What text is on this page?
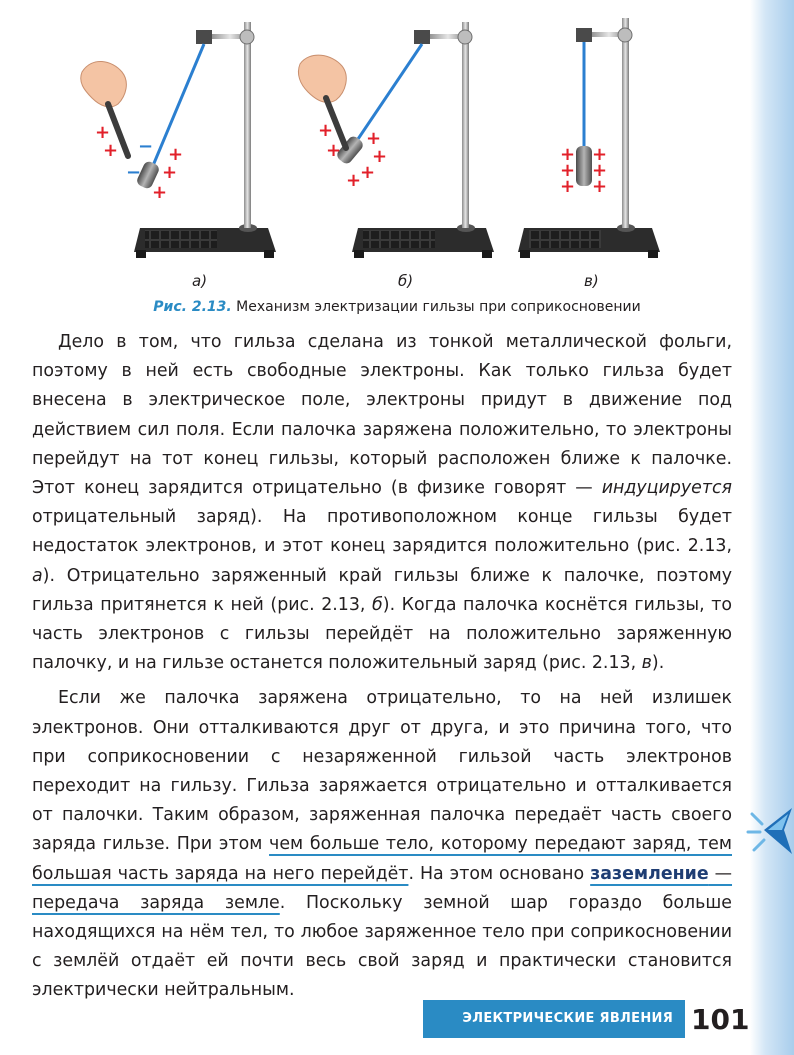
+
+ −
−
+
+
+
+
+
+
+
+
+
+ +
+ +
+ +
а)	б)	в)
Рис. 2.13. Механизм электризации гильзы при соприкосновении

Дело в том, что гильза сделана из тонкой металлической фольги, поэтому в ней есть свободные электроны. Как только гильза будет внесена в электрическое поле, электроны придут в движение под действием сил поля. Если палочка заряжена положительно, то электроны перейдут на тот конец гильзы, который расположен ближе к палочке. Этот конец зарядится отрицательно (в физике говорят — индуцируется отрицательный заряд). На противоположном конце гильзы будет недостаток электронов, и этот конец зарядится положительно (рис. 2.13, а). Отрицательно заряженный край гильзы ближе к палочке, поэтому гильза притянется к ней (рис. 2.13, б). Когда палочка коснётся гильзы, то часть электронов с гильзы перейдёт на положительно заряженную палочку, и на гильзе останется положительный заряд (рис. 2.13, в).

Если же палочка заряжена отрицательно, то на ней излишек электронов. Они отталкиваются друг от друга, и это причина того, что при соприкосновении с незаряженной гильзой часть электронов переходит на гильзу. Гильза заряжается отрицательно и отталкивается от палочки. Таким образом, заряженная палочка передаёт часть своего заряда гильзе. При этом чем больше тело, которому передают заряд, тем большая часть заряда на него перейдёт. На этом основано заземление — передача заряда земле. Поскольку земной шар гораздо больше находящихся на нём тел, то любое заряженное тело при соприкосновении с землёй отдаёт ей почти весь свой заряд и практически становится электрически нейтральным.

ЭЛЕКТРИЧЕСКИЕ ЯВЛЕНИЯ 101
